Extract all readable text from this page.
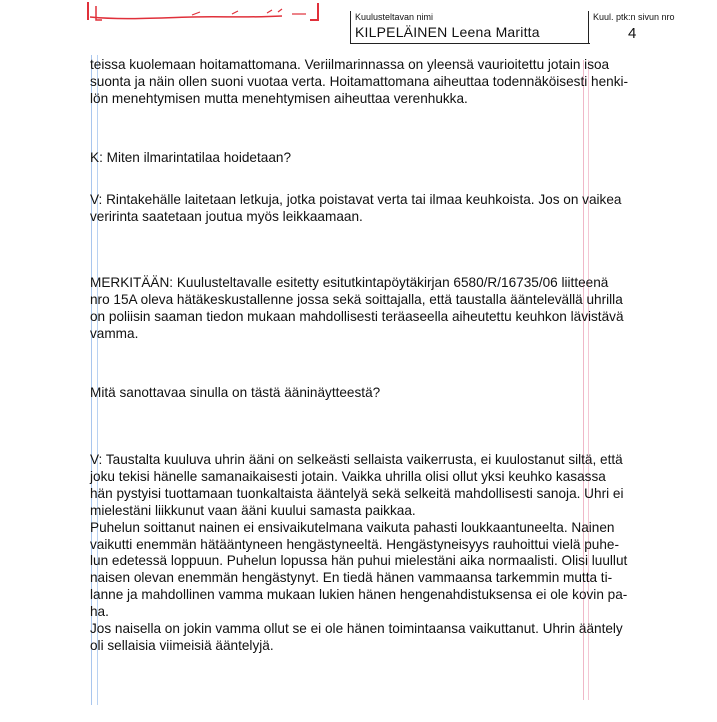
Kuulusteltavan nimi
KILPELÄINEN Leena Maritta
Kuul. ptk:n sivun nro
4

teissa kuolemaan hoitamattomana. Veriilmarinnassa on yleensä vaurioitettu jotain isoa
suonta ja näin ollen suoni vuotaa verta. Hoitamattomana aiheuttaa todennäköisesti henki-
lön menehtymisen mutta menehtymisen aiheuttaa verenhukka.

K: Miten ilmarintatilaa hoidetaan?

V: Rintakehälle laitetaan letkuja, jotka poistavat verta tai ilmaa keuhkoista. Jos on vaikea
veririnta saatetaan joutua myös leikkaamaan.

MERKITÄÄN: Kuulusteltavalle esitetty esitutkintapöytäkirjan 6580/R/16735/06 liitteenä
nro 15A oleva hätäkeskustallenne jossa sekä soittajalla, että taustalla ääntelevällä uhrilla
on poliisin saaman tiedon mukaan mahdollisesti teräaseella aiheutettu keuhkon lävistävä
vamma.

Mitä sanottavaa sinulla on tästä ääninäytteestä?

V: Taustalta kuuluva uhrin ääni on selkeästi sellaista vaikerrusta, ei kuulostanut siltä, että
joku tekisi hänelle samanaikaisesti jotain. Vaikka uhrilla olisi ollut yksi keuhko kasassa
hän pystyisi tuottamaan tuonkaltaista ääntelyä sekä selkeitä mahdollisesti sanoja. Uhri ei
mielestäni liikkunut vaan ääni kuului samasta paikkaa.
Puhelun soittanut nainen ei ensivaikutelmana vaikuta pahasti loukkaantuneelta. Nainen
vaikutti enemmän hätääntyneen hengästyneeltä. Hengästyneisyys rauhoittui vielä puhe-
lun edetessä loppuun. Puhelun lopussa hän puhui mielestäni aika normaalisti. Olisi luullut
naisen olevan enemmän hengästynyt. En tiedä hänen vammaansa tarkemmin mutta ti-
lanne ja mahdollinen vamma mukaan lukien hänen hengenahdistuksensa ei ole kovin pa-
ha.
Jos naisella on jokin vamma ollut se ei ole hänen toimintaansa vaikuttanut. Uhrin ääntely
oli sellaisia viimeisiä ääntelyjä.
